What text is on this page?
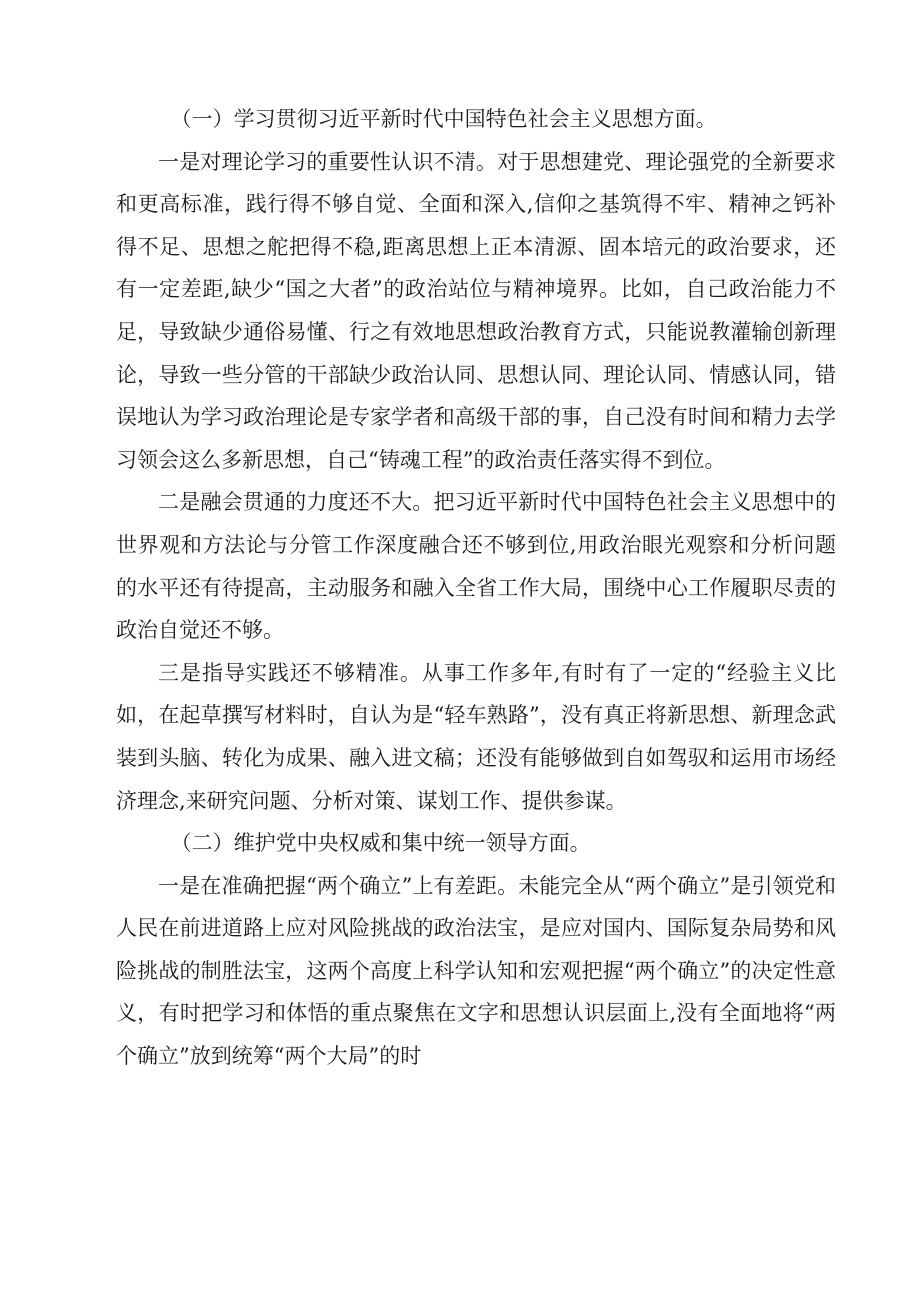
（一）学习贯彻习近平新时代中国特色社会主义思想方面。

一是对理论学习的重要性认识不清。对于思想建党、理论强党的全新要求和更高标准，践行得不够自觉、全面和深入,信仰之基筑得不牢、精神之钙补得不足、思想之舵把得不稳,距离思想上正本清源、固本培元的政治要求，还有一定差距,缺少“国之大者”的政治站位与精神境界。比如，自己政治能力不足，导致缺少通俗易懂、行之有效地思想政治教育方式，只能说教灌输创新理论，导致一些分管的干部缺少政治认同、思想认同、理论认同、情感认同，错误地认为学习政治理论是专家学者和高级干部的事，自己没有时间和精力去学习领会这么多新思想，自己“铸魂工程”的政治责任落实得不到位。

二是融会贯通的力度还不大。把习近平新时代中国特色社会主义思想中的世界观和方法论与分管工作深度融合还不够到位,用政治眼光观察和分析问题的水平还有待提高，主动服务和融入全省工作大局，围绕中心工作履职尽责的政治自觉还不够。

三是指导实践还不够精准。从事工作多年,有时有了一定的“经验主义比如，在起草撰写材料时，自认为是“轻车熟路”，没有真正将新思想、新理念武装到头脑、转化为成果、融入进文稿；还没有能够做到自如驾驭和运用市场经济理念,来研究问题、分析对策、谋划工作、提供参谋。

（二）维护党中央权威和集中统一领导方面。

一是在准确把握“两个确立”上有差距。未能完全从“两个确立”是引领党和人民在前进道路上应对风险挑战的政治法宝，是应对国内、国际复杂局势和风险挑战的制胜法宝，这两个高度上科学认知和宏观把握“两个确立”的决定性意义，有时把学习和体悟的重点聚焦在文字和思想认识层面上,没有全面地将“两个确立”放到统筹“两个大局”的时
